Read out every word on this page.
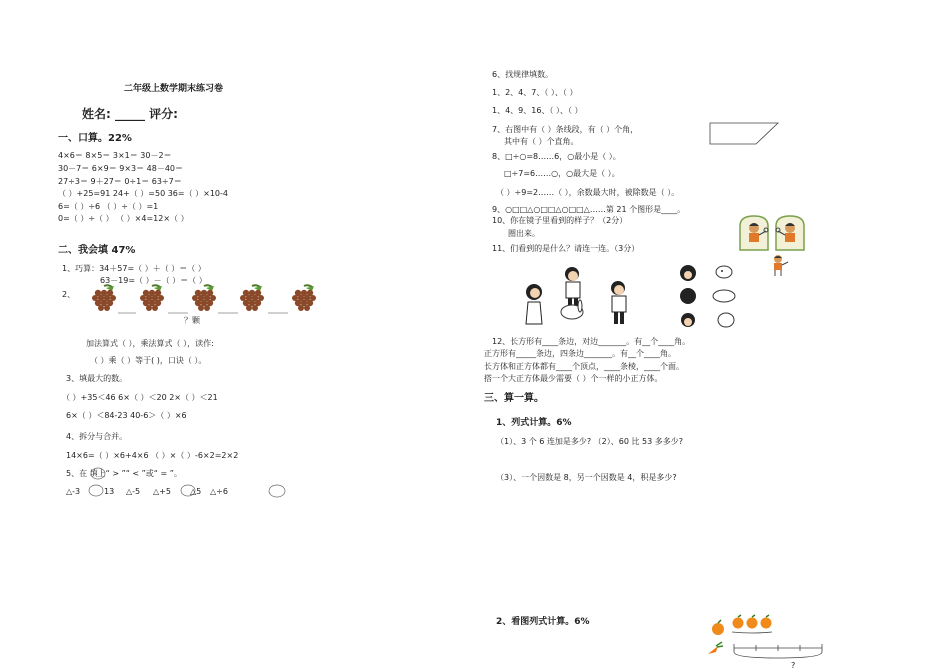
二年级上数学期末练习卷
姓名: _____ 评分:
一、口算。22%
4×6＝ 8×5＝ 3×1＝ 30－2＝
30－7＝ 6×9＝ 9×3＝ 48－40＝
27÷3＝ 9＋27＝ 0÷1＝ 63÷7＝
（ ）+25=91 24+（ ）=50 36=（ ）×10-4
6=（ ）÷6 （ ）÷（ ）=1
0=（ ）÷（ ） （ ）×4=12×（ ）
二、我会填 47%
1、巧算：34＋57=（ ）＋（ ）＝（ ）
63－19=（ ）－（ ）＝（ ）
2、
？颗
加法算式（ ），乘法算式（ ），读作:
（ ）乘（ ）等于( )，口诀（ ）。
3、填最大的数。
（ ）+35＜46 6×（ ）＜20 2×（ ）＜21
6×（ ）＜84-23 40-6＞（ ）×6
4、拆分与合并。
14×6=（ ）×6+4×6 （ ）×（ ）-6×2=2×2
5、在 填上“ > ”“ < ”或“ = ”。
△-3	13 △-5 △+5 △5 △÷6
6、找规律填数。
1、2、4、7、（ ）、（ ）
1、4、9、16、（ ）、（ ）
7、右图中有（ ）条线段，有（ ）个角，
其中有（ ）个直角。
8、□÷○=8……6，○最小是（ ）。
□÷7=6……○，○最大是（ ）。
（ ）÷9=2……（ ），余数最大时，被除数是（ ）。
9、○□□△○□□△○□□△……第 21 个图形是____。
10、你在镜子里看到的样子？（2分）
圈出来。
11、们看到的是什么？请连一连。（3分）
12、长方形有____条边，对边_______。有__个____角。
正方形有_____条边，四条边_______。有__个____角。
长方体和正方体都有____个顶点，____条棱，____个面。
搭一个大正方体最少需要（ ）个一样的小正方体。
三、算一算。
1、列式计算。6%
（1）、3 个 6 连加是多少? （2）、60 比 53 多多少?
（3）、一个因数是 8，另一个因数是 4，积是多少?
2、看图列式计算。6%
?
